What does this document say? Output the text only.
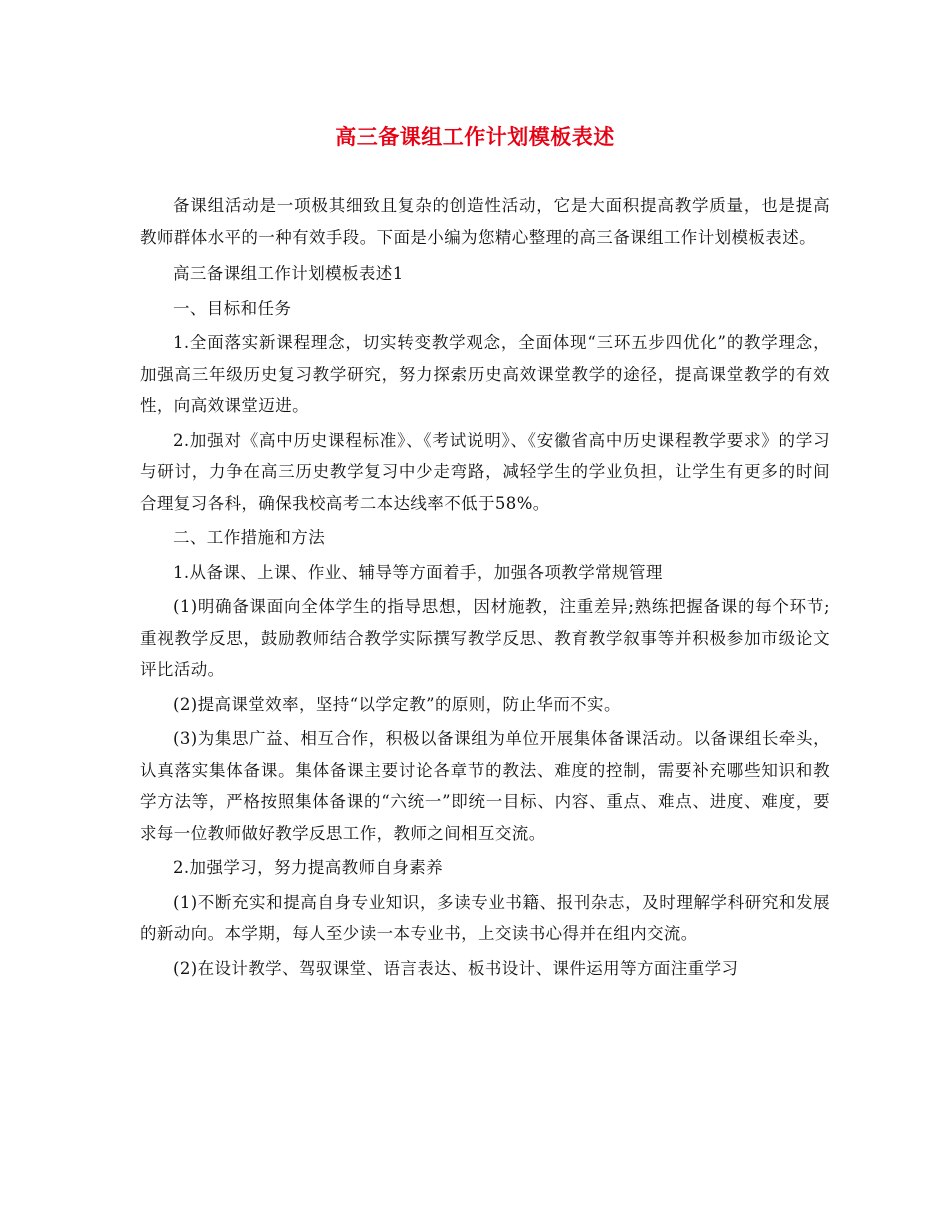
高三备课组工作计划模板表述

备课组活动是一项极其细致且复杂的创造性活动，它是大面积提高教学质量，也是提高教师群体水平的一种有效手段。下面是小编为您精心整理的高三备课组工作计划模板表述。

高三备课组工作计划模板表述1

一、目标和任务

1.全面落实新课程理念，切实转变教学观念，全面体现“三环五步四优化”的教学理念，加强高三年级历史复习教学研究，努力探索历史高效课堂教学的途径，提高课堂教学的有效性，向高效课堂迈进。

2.加强对《高中历史课程标准》、《考试说明》、《安徽省高中历史课程教学要求》的学习与研讨，力争在高三历史教学复习中少走弯路，减轻学生的学业负担，让学生有更多的时间合理复习各科，确保我校高考二本达线率不低于58%。

二、工作措施和方法

1.从备课、上课、作业、辅导等方面着手，加强各项教学常规管理

(1)明确备课面向全体学生的指导思想，因材施教，注重差异;熟练把握备课的每个环节;重视教学反思，鼓励教师结合教学实际撰写教学反思、教育教学叙事等并积极参加市级论文评比活动。

(2)提高课堂效率，坚持“以学定教”的原则，防止华而不实。

(3)为集思广益、相互合作，积极以备课组为单位开展集体备课活动。以备课组长牵头，认真落实集体备课。集体备课主要讨论各章节的教法、难度的控制，需要补充哪些知识和教学方法等，严格按照集体备课的“六统一”即统一目标、内容、重点、难点、进度、难度，要求每一位教师做好教学反思工作，教师之间相互交流。

2.加强学习，努力提高教师自身素养

(1)不断充实和提高自身专业知识，多读专业书籍、报刊杂志，及时理解学科研究和发展的新动向。本学期，每人至少读一本专业书，上交读书心得并在组内交流。

(2)在设计教学、驾驭课堂、语言表达、板书设计、课件运用等方面注重学习
